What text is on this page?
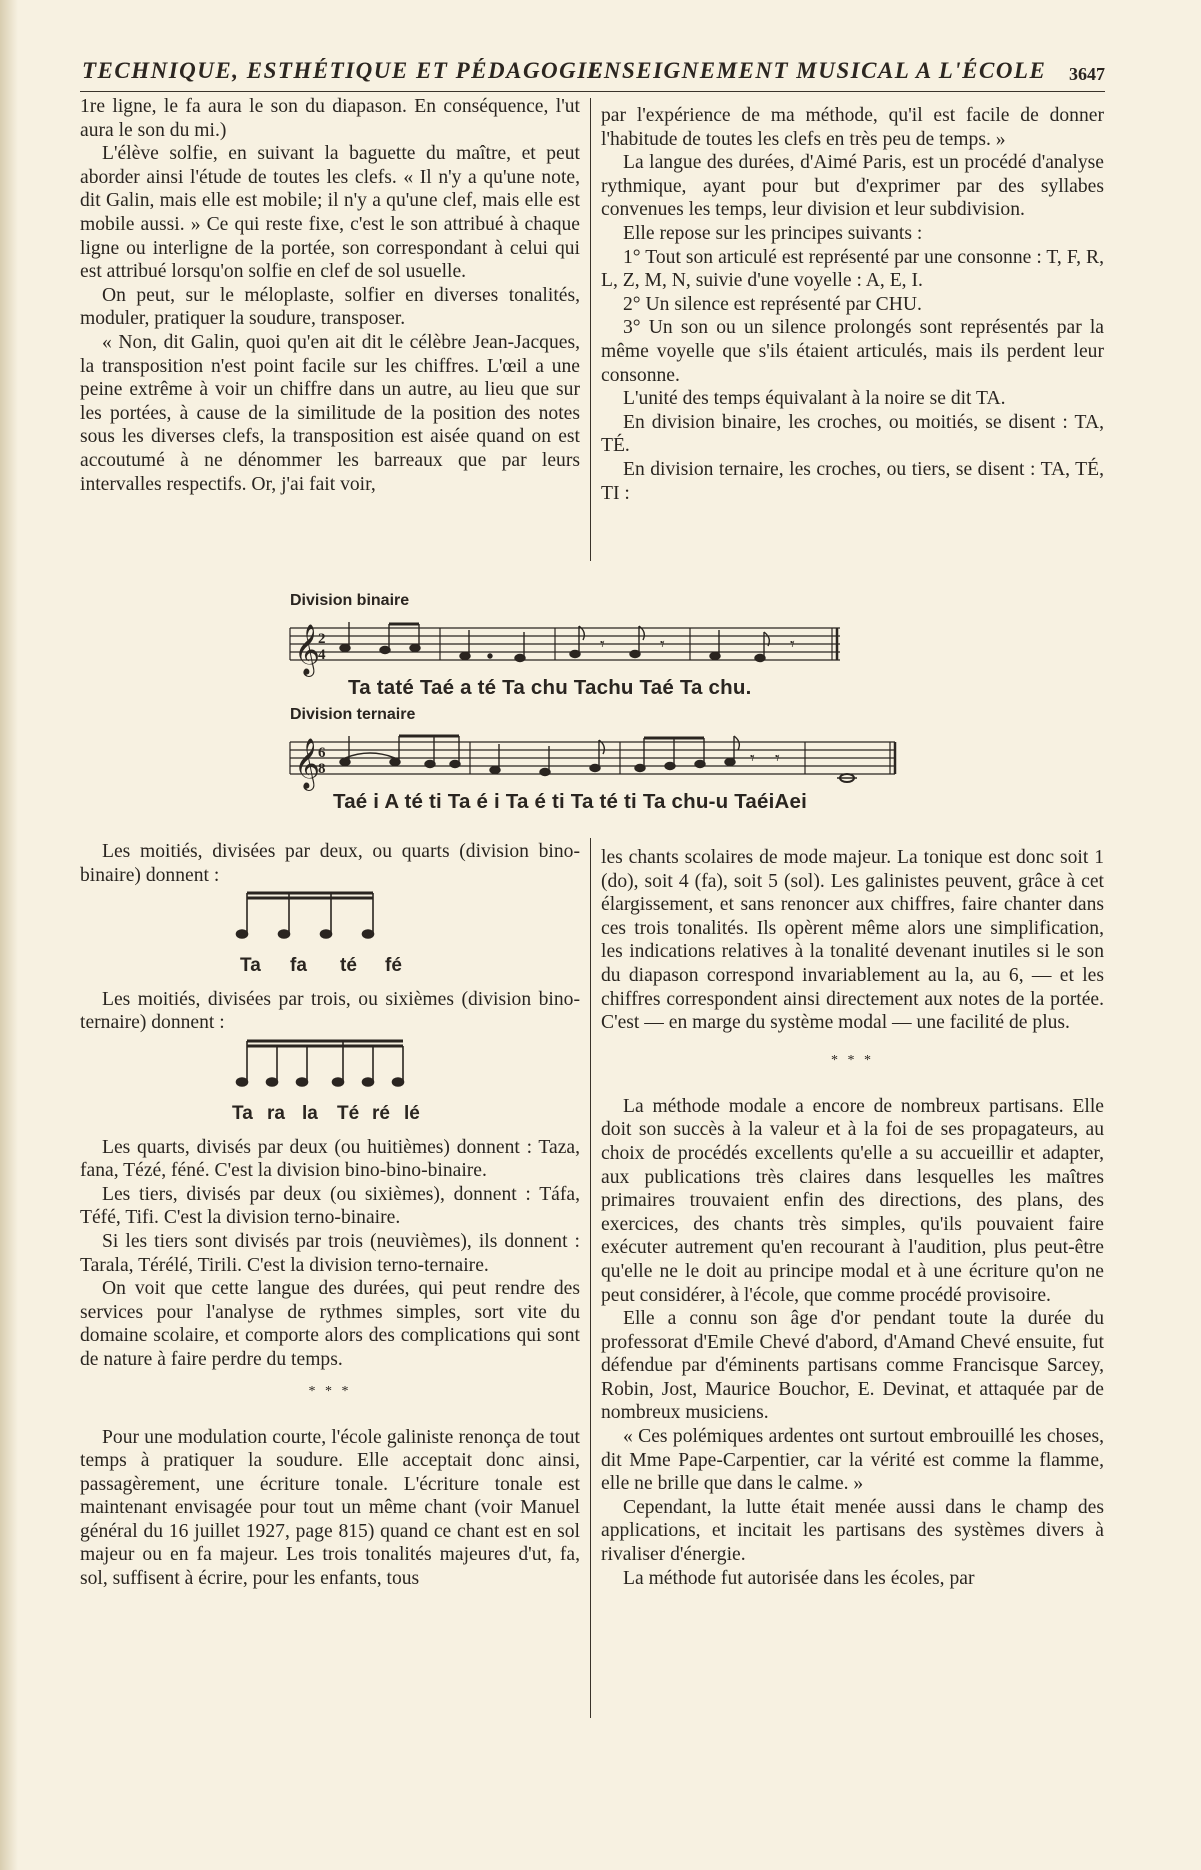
TECHNIQUE, ESTHÉTIQUE ET PÉDAGOGIE
ENSEIGNEMENT MUSICAL A L'ÉCOLE 3647

1re ligne, le fa aura le son du diapason. En conséquence, l'ut aura le son du mi.)

L'élève solfie, en suivant la baguette du maître, et peut aborder ainsi l'étude de toutes les clefs. « Il n'y a qu'une note, dit Galin, mais elle est mobile; il n'y a qu'une clef, mais elle est mobile aussi. » Ce qui reste fixe, c'est le son attribué à chaque ligne ou interligne de la portée, son correspondant à celui qui est attribué lorsqu'on solfie en clef de sol usuelle.

On peut, sur le méloplaste, solfier en diverses tonalités, moduler, pratiquer la soudure, transposer.

« Non, dit Galin, quoi qu'en ait dit le célèbre Jean-Jacques, la transposition n'est point facile sur les chiffres. L'œil a une peine extrême à voir un chiffre dans un autre, au lieu que sur les portées, à cause de la similitude de la position des notes sous les diverses clefs, la transposition est aisée quand on est accoutumé à ne dénommer les barreaux que par leurs intervalles respectifs. Or, j'ai fait voir,

par l'expérience de ma méthode, qu'il est facile de donner l'habitude de toutes les clefs en très peu de temps. »

La langue des durées, d'Aimé Paris, est un procédé d'analyse rythmique, ayant pour but d'exprimer par des syllabes convenues les temps, leur division et leur subdivision.

Elle repose sur les principes suivants :

1° Tout son articulé est représenté par une consonne : T, F, R, L, Z, M, N, suivie d'une voyelle : A, E, I.

2° Un silence est représenté par CHU.

3° Un son ou un silence prolongés sont représentés par la même voyelle que s'ils étaient articulés, mais ils perdent leur consonne.

L'unité des temps équivalant à la noire se dit TA.

En division binaire, les croches, ou moitiés, se disent : TA, TÉ.

En division ternaire, les croches, ou tiers, se disent : TA, TÉ, TI :

Division binaire
𝄞
2
4
𝄾	𝄾	𝄾
Ta taté Taé a té Ta chu Tachu Taé Ta chu.
Division ternaire
𝄞
6
8
𝄾 𝄾
Taé i A té ti Ta é i Ta é ti Ta té ti Ta chu-u TaéiAei

Les moitiés, divisées par deux, ou quarts (division bino-binaire) donnent :

Ta fa té fé

Les moitiés, divisées par trois, ou sixièmes (division bino-ternaire) donnent :

Ta ra la Té ré lé

Les quarts, divisés par deux (ou huitièmes) donnent : Taza, fana, Tézé, féné. C'est la division bino-bino-binaire.

Les tiers, divisés par deux (ou sixièmes), donnent : Táfa, Téfé, Tifi. C'est la division terno-binaire.

Si les tiers sont divisés par trois (neuvièmes), ils donnent : Tarala, Térélé, Tirili. C'est la division terno-ternaire.

On voit que cette langue des durées, qui peut rendre des services pour l'analyse de rythmes simples, sort vite du domaine scolaire, et comporte alors des complications qui sont de nature à faire perdre du temps.

* * *

Pour une modulation courte, l'école galiniste renonça de tout temps à pratiquer la soudure. Elle acceptait donc ainsi, passagèrement, une écriture tonale. L'écriture tonale est maintenant envisagée pour tout un même chant (voir Manuel général du 16 juillet 1927, page 815) quand ce chant est en sol majeur ou en fa majeur. Les trois tonalités majeures d'ut, fa, sol, suffisent à écrire, pour les enfants, tous

les chants scolaires de mode majeur. La tonique est donc soit 1 (do), soit 4 (fa), soit 5 (sol). Les galinistes peuvent, grâce à cet élargissement, et sans renoncer aux chiffres, faire chanter dans ces trois tonalités. Ils opèrent même alors une simplification, les indications relatives à la tonalité devenant inutiles si le son du diapason correspond invariablement au la, au 6, — et les chiffres correspondent ainsi directement aux notes de la portée. C'est — en marge du système modal — une facilité de plus.

* * *

La méthode modale a encore de nombreux partisans. Elle doit son succès à la valeur et à la foi de ses propagateurs, au choix de procédés excellents qu'elle a su accueillir et adapter, aux publications très claires dans lesquelles les maîtres primaires trouvaient enfin des directions, des plans, des exercices, des chants très simples, qu'ils pouvaient faire exécuter autrement qu'en recourant à l'audition, plus peut-être qu'elle ne le doit au principe modal et à une écriture qu'on ne peut considérer, à l'école, que comme procédé provisoire.

Elle a connu son âge d'or pendant toute la durée du professorat d'Emile Chevé d'abord, d'Amand Chevé ensuite, fut défendue par d'éminents partisans comme Francisque Sarcey, Robin, Jost, Maurice Bouchor, E. Devinat, et attaquée par de nombreux musiciens.

« Ces polémiques ardentes ont surtout embrouillé les choses, dit Mme Pape-Carpentier, car la vérité est comme la flamme, elle ne brille que dans le calme. »

Cependant, la lutte était menée aussi dans le champ des applications, et incitait les partisans des systèmes divers à rivaliser d'énergie.

La méthode fut autorisée dans les écoles, par
